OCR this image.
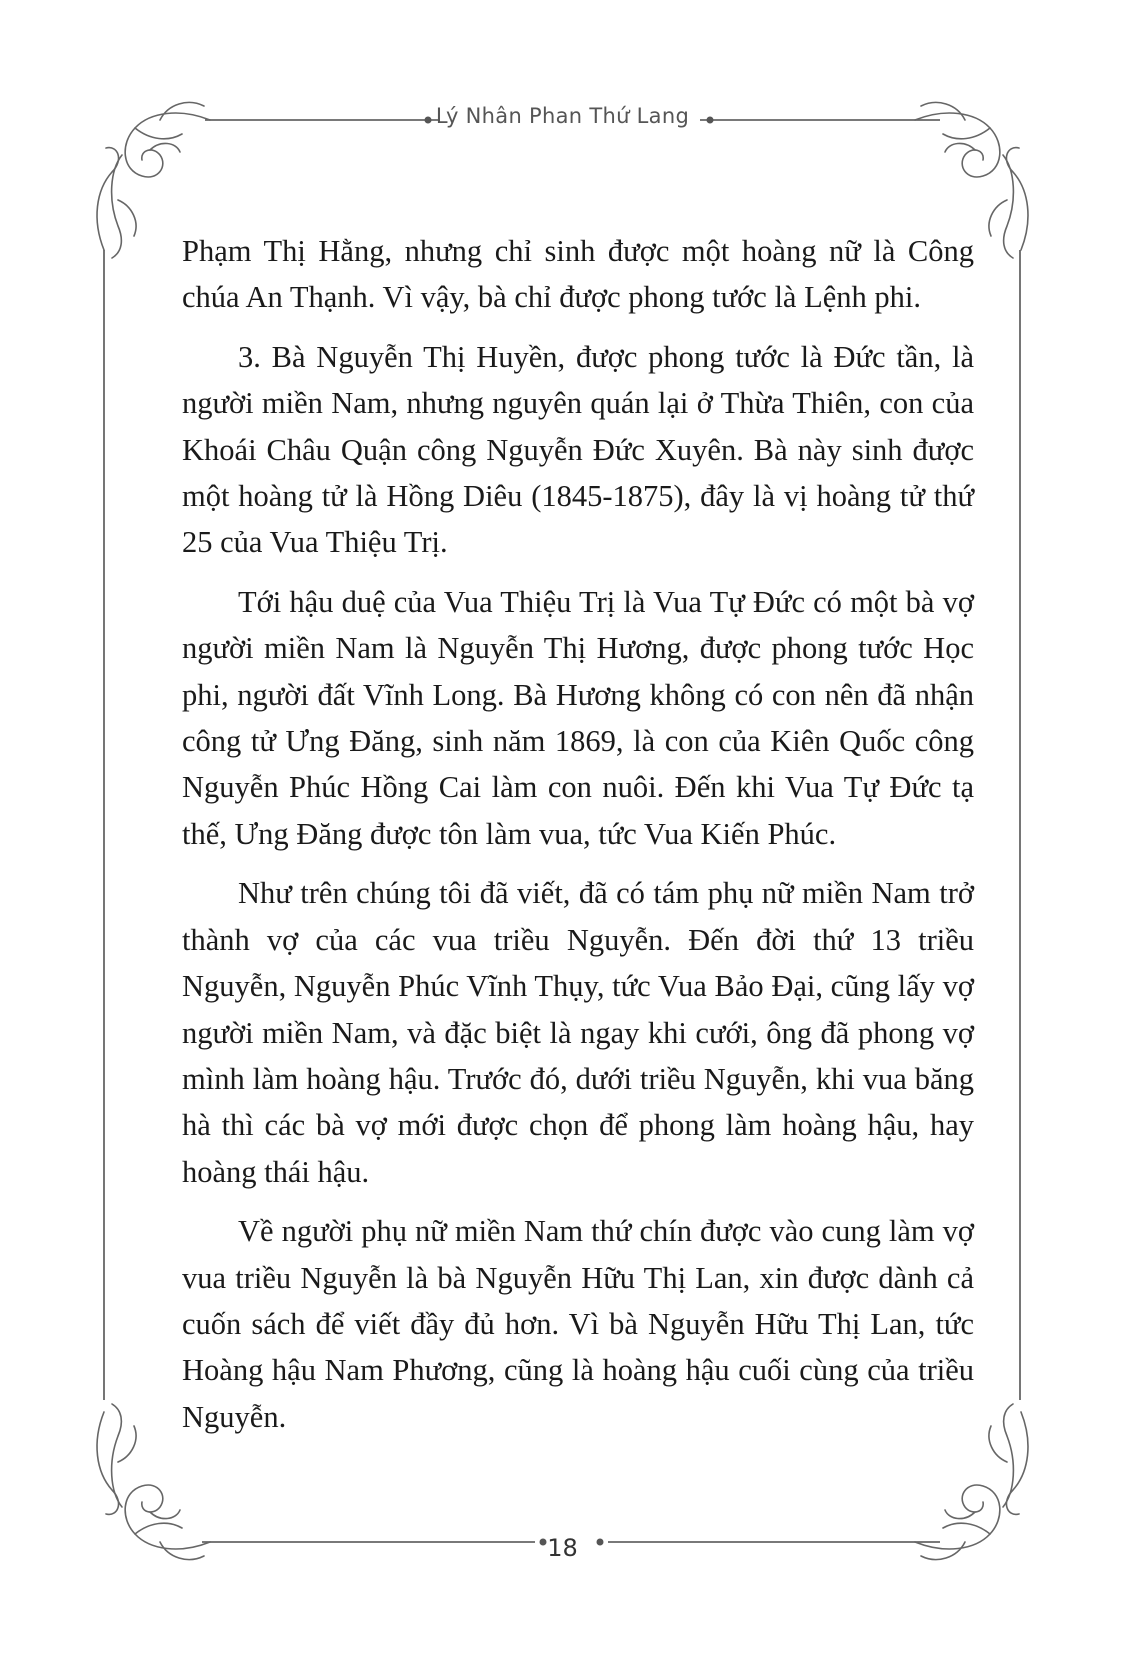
Lý Nhân Phan Thứ Lang

Phạm Thị Hằng, nhưng chỉ sinh được một hoàng nữ là Công chúa An Thạnh. Vì vậy, bà chỉ được phong tước là Lệnh phi.

3. Bà Nguyễn Thị Huyền, được phong tước là Đức tần, là người miền Nam, nhưng nguyên quán lại ở Thừa Thiên, con của Khoái Châu Quận công Nguyễn Đức Xuyên. Bà này sinh được một hoàng tử là Hồng Diêu (1845-1875), đây là vị hoàng tử thứ 25 của Vua Thiệu Trị.

Tới hậu duệ của Vua Thiệu Trị là Vua Tự Đức có một bà vợ người miền Nam là Nguyễn Thị Hương, được phong tước Học phi, người đất Vĩnh Long. Bà Hương không có con nên đã nhận công tử Ưng Đăng, sinh năm 1869, là con của Kiên Quốc công Nguyễn Phúc Hồng Cai làm con nuôi. Đến khi Vua Tự Đức tạ thế, Ưng Đăng được tôn làm vua, tức Vua Kiến Phúc.

Như trên chúng tôi đã viết, đã có tám phụ nữ miền Nam trở thành vợ của các vua triều Nguyễn. Đến đời thứ 13 triều Nguyễn, Nguyễn Phúc Vĩnh Thụy, tức Vua Bảo Đại, cũng lấy vợ người miền Nam, và đặc biệt là ngay khi cưới, ông đã phong vợ mình làm hoàng hậu. Trước đó, dưới triều Nguyễn, khi vua băng hà thì các bà vợ mới được chọn để phong làm hoàng hậu, hay hoàng thái hậu.

Về người phụ nữ miền Nam thứ chín được vào cung làm vợ vua triều Nguyễn là bà Nguyễn Hữu Thị Lan, xin được dành cả cuốn sách để viết đầy đủ hơn. Vì bà Nguyễn Hữu Thị Lan, tức Hoàng hậu Nam Phương, cũng là hoàng hậu cuối cùng của triều Nguyễn.

18
